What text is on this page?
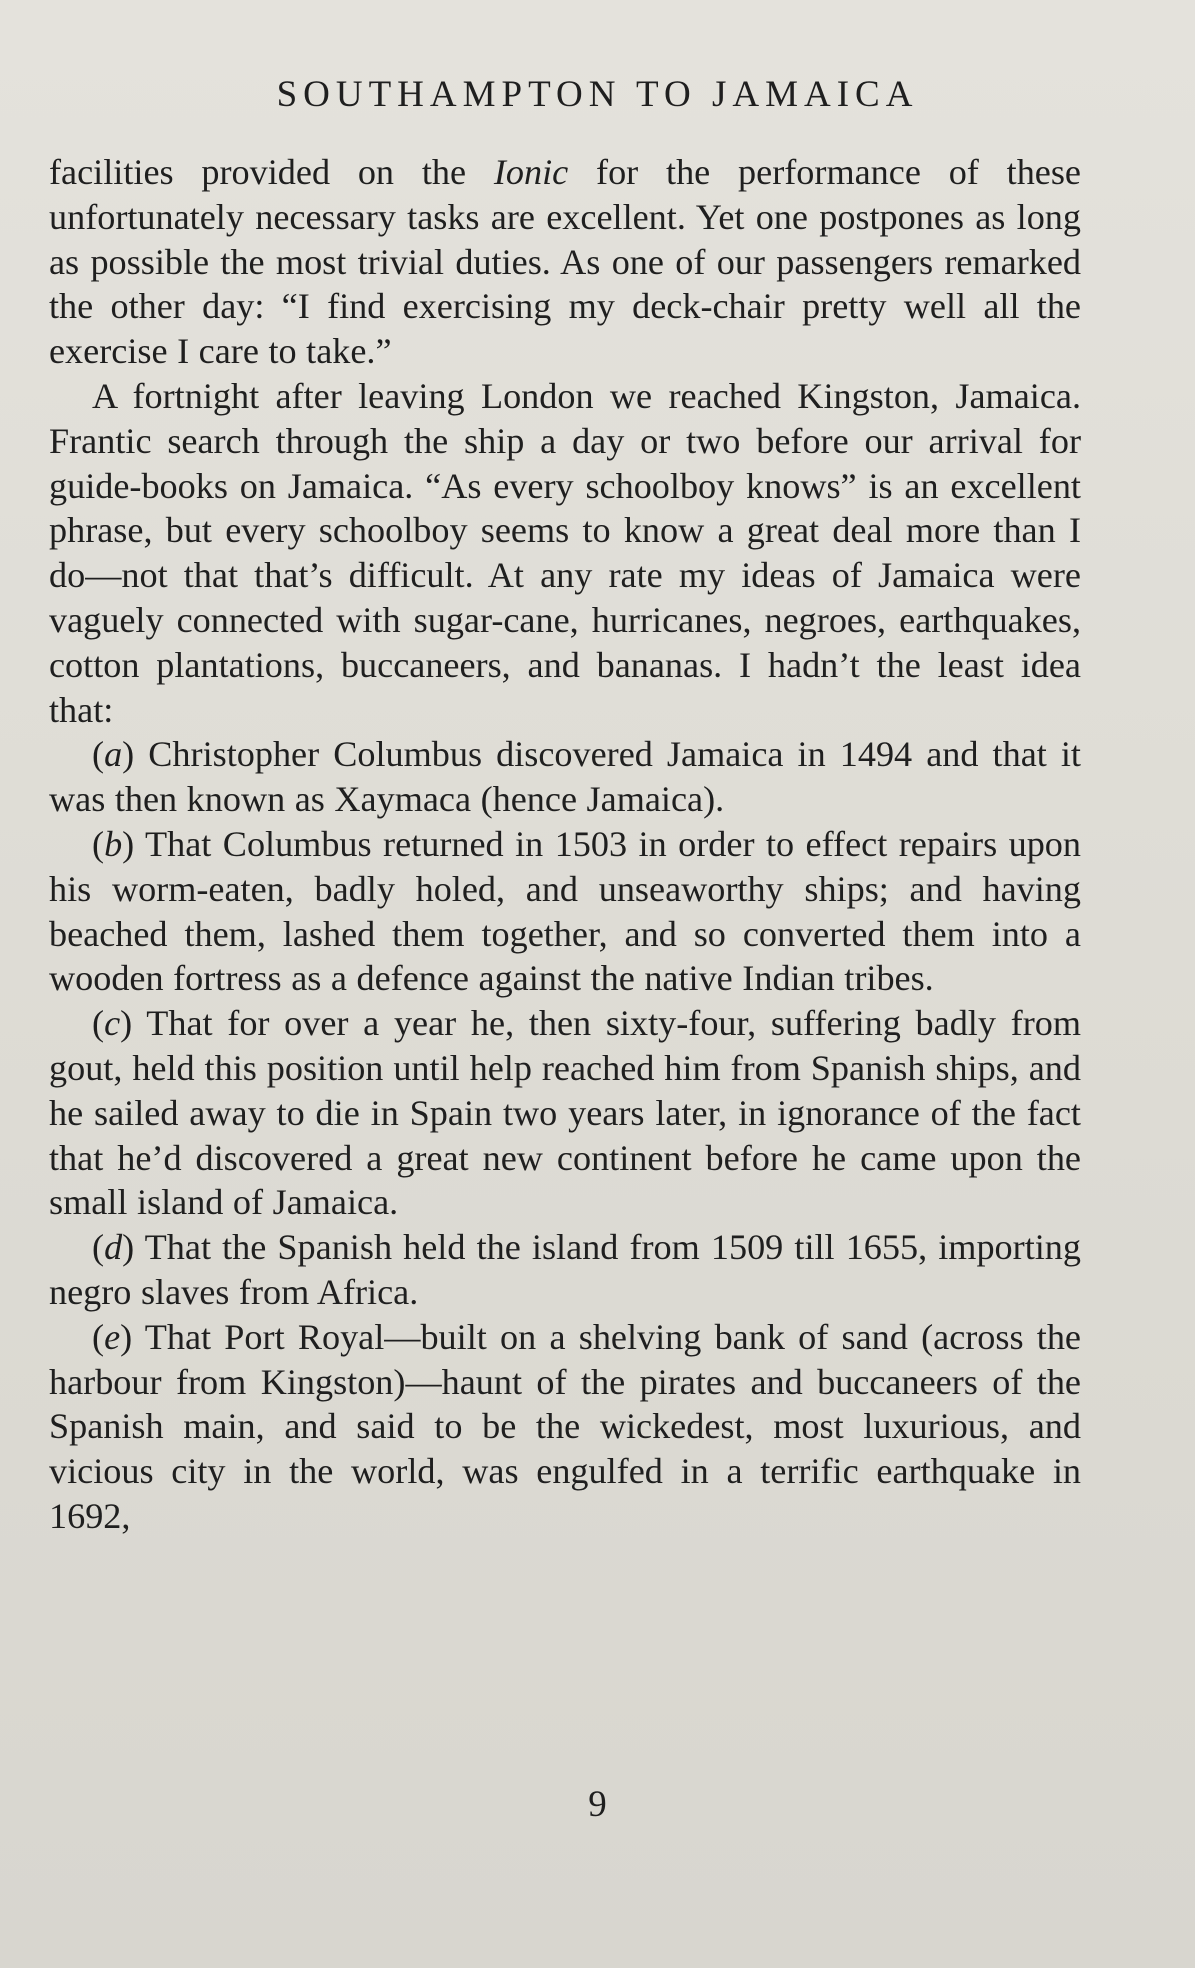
SOUTHAMPTON TO JAMAICA

facilities provided on the Ionic for the performance of these unfortunately necessary tasks are excellent. Yet one postpones as long as possible the most trivial duties. As one of our passengers remarked the other day: “I find exercising my deck-chair pretty well all the exercise I care to take.”

A fortnight after leaving London we reached Kingston, Jamaica. Frantic search through the ship a day or two before our arrival for guide-books on Jamaica. “As every schoolboy knows” is an excellent phrase, but every schoolboy seems to know a great deal more than I do—not that that’s difficult. At any rate my ideas of Jamaica were vaguely connected with sugar-cane, hurricanes, negroes, earthquakes, cotton plantations, buccaneers, and bananas. I hadn’t the least idea that:

(a) Christopher Columbus discovered Jamaica in 1494 and that it was then known as Xaymaca (hence Jamaica).

(b) That Columbus returned in 1503 in order to effect repairs upon his worm-eaten, badly holed, and unseaworthy ships; and having beached them, lashed them together, and so converted them into a wooden fortress as a defence against the native Indian tribes.

(c) That for over a year he, then sixty-four, suffering badly from gout, held this position until help reached him from Spanish ships, and he sailed away to die in Spain two years later, in ignorance of the fact that he’d discovered a great new continent before he came upon the small island of Jamaica.

(d) That the Spanish held the island from 1509 till 1655, importing negro slaves from Africa.

(e) That Port Royal—built on a shelving bank of sand (across the harbour from Kingston)—haunt of the pirates and buccaneers of the Spanish main, and said to be the wickedest, most luxurious, and vicious city in the world, was engulfed in a terrific earthquake in 1692,

9
